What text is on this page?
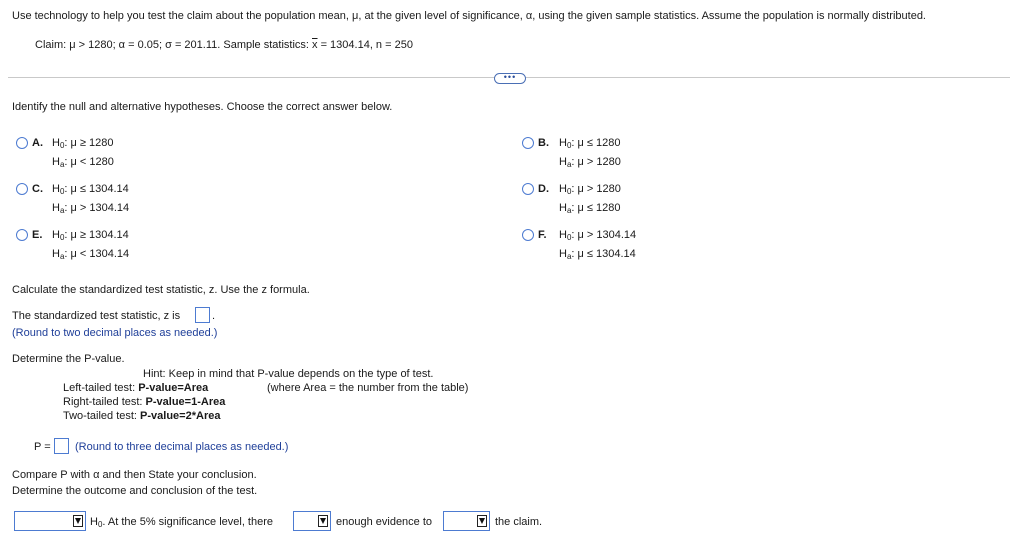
Use technology to help you test the claim about the population mean, μ, at the given level of significance, α, using the given sample statistics. Assume the population is normally distributed.
Claim: μ > 1280; α = 0.05; σ = 201.11. Sample statistics: $\overline{x} = 1304.14$, n = 250
•••
Identify the null and alternative hypotheses. Choose the correct answer below.
A. $H_0$: μ ≥ 1280
$H_a$: μ < 1280
B. $H_0$: μ ≤ 1280
$H_a$: μ > 1280
C. $H_0$: μ ≤ 1304.14
$H_a$: μ > 1304.14
D. $H_0$: μ > 1280
$H_a$: μ ≤ 1280
E. $H_0$: μ ≥ 1304.14
$H_a$: μ < 1304.14
F. $H_0$: μ > 1304.14
$H_a$: μ ≤ 1304.14
Calculate the standardized test statistic, z. Use the z formula.
The standardized test statistic, z is	.
(Round to two decimal places as needed.)
Determine the P-value.
Hint: Keep in mind that P-value depends on the type of test.
Left-tailed test: P-value=Area	(where Area = the number from the table)
Right-tailed test: P-value=1-Area
Two-tailed test: P-value=2*Area
P = (Round to three decimal places as needed.)
Compare P with α and then State your conclusion.
Determine the outcome and conclusion of the test.
$H_0$. At the 5% significance level, there	enough evidence to	the claim.
